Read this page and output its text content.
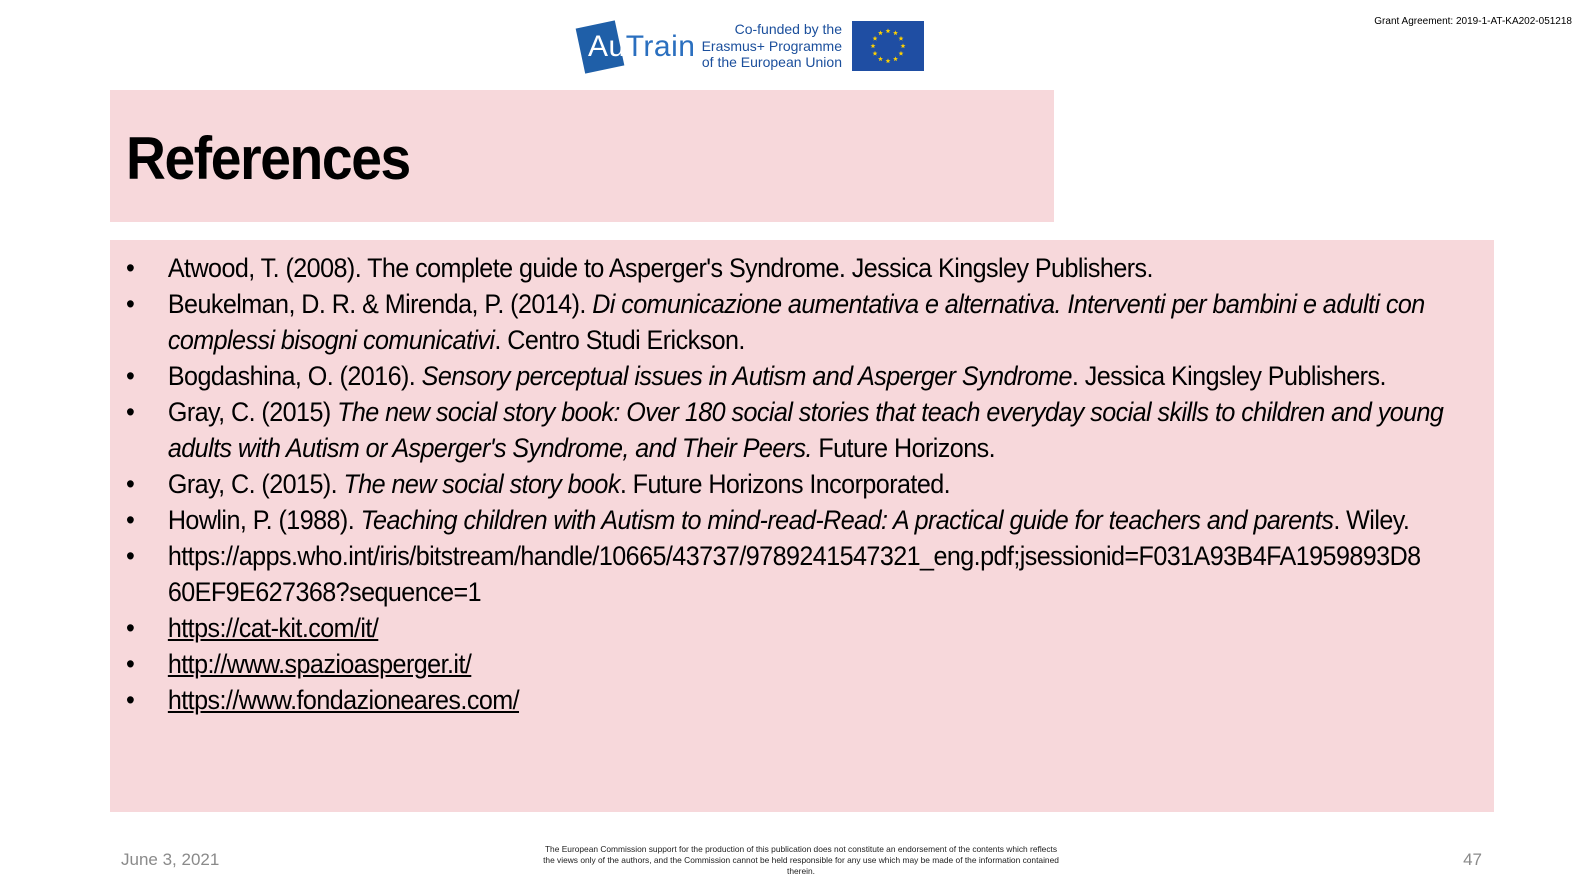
AuTrain
Co-funded by the
Erasmus+ Programme
of the European Union
Grant Agreement: 2019-1-AT-KA202-051218
References
• Atwood, T. (2008). The complete guide to Asperger's Syndrome. Jessica Kingsley Publishers.
• Beukelman, D. R. & Mirenda, P. (2014). Di comunicazione aumentativa e alternativa. Interventi per bambini e adulti con complessi bisogni comunicativi. Centro Studi Erickson.
• Bogdashina, O. (2016). Sensory perceptual issues in Autism and Asperger Syndrome. Jessica Kingsley Publishers.
• Gray, C. (2015) The new social story book: Over 180 social stories that teach everyday social skills to children and young adults with Autism or Asperger's Syndrome, and Their Peers. Future Horizons.
• Gray, C. (2015). The new social story book. Future Horizons Incorporated.
• Howlin, P. (1988). Teaching children with Autism to mind-read-Read: A practical guide for teachers and parents. Wiley.
• https://apps.who.int/iris/bitstream/handle/10665/43737/9789241547321_eng.pdf;jsessionid=F031A93B4FA1959893D8 60EF9E627368?sequence=1
• https://cat-kit.com/it/
• http://www.spazioasperger.it/
• https://www.fondazioneares.com/
June 3, 2021
The European Commission support for the production of this publication does not constitute an endorsement of the contents which reflects the views only of the authors, and the Commission cannot be held responsible for any use which may be made of the information contained therein.
47
